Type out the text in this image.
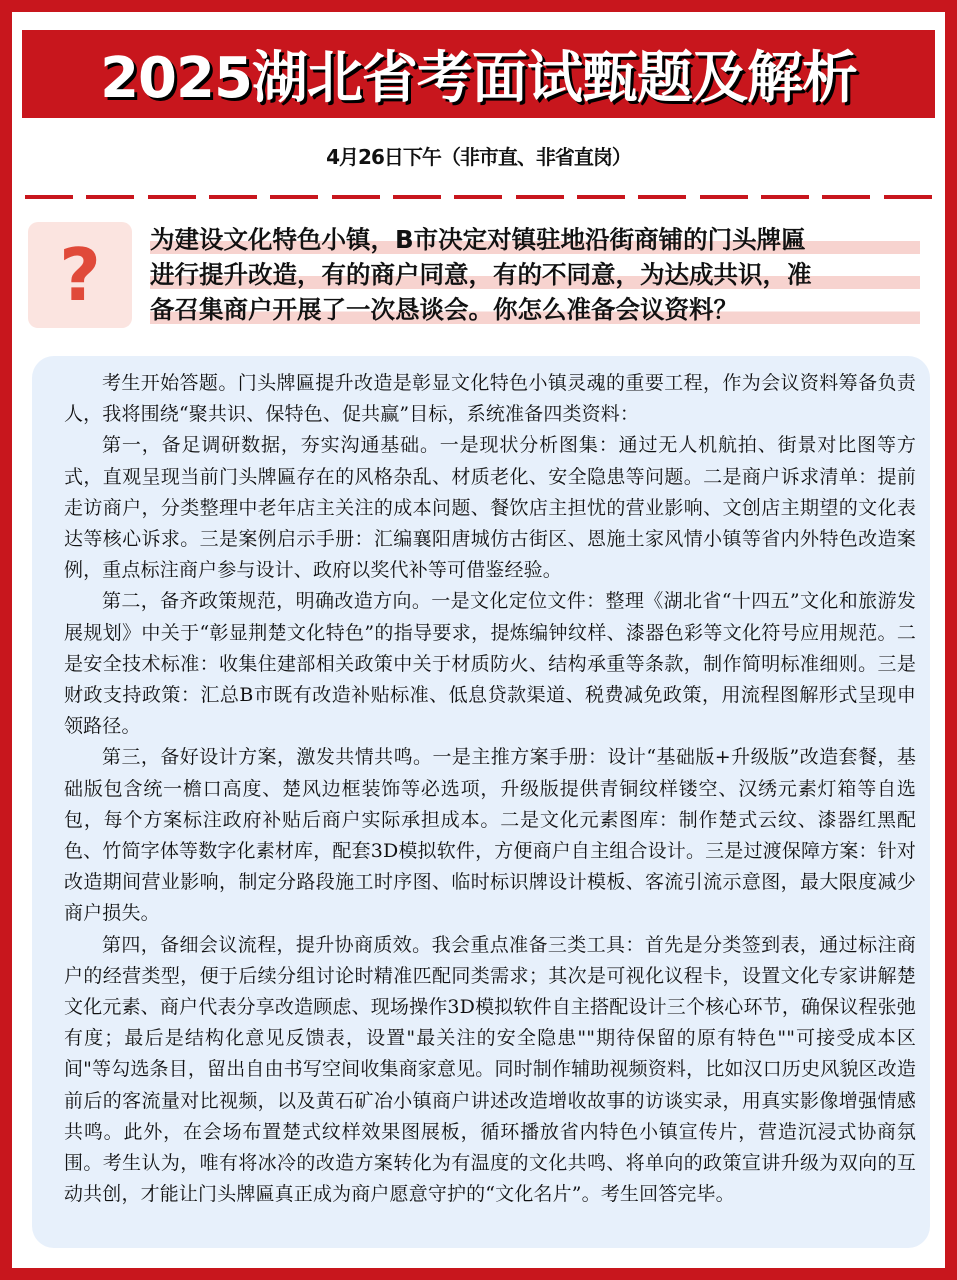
2025湖北省考面试甄题及解析
4月26日下午（非市直、非省直岗）
? 为建设文化特色小镇，B市决定对镇驻地沿街商铺的门头牌匾
进行提升改造，有的商户同意，有的不同意，为达成共识，准
备召集商户开展了一次恳谈会。你怎么准备会议资料？

考生开始答题。门头牌匾提升改造是彰显文化特色小镇灵魂的重要工程，作为会议资料筹备负责人，我将围绕“聚共识、保特色、促共赢”目标，系统准备四类资料：

第一，备足调研数据，夯实沟通基础。一是现状分析图集：通过无人机航拍、街景对比图等方式，直观呈现当前门头牌匾存在的风格杂乱、材质老化、安全隐患等问题。二是商户诉求清单：提前走访商户，分类整理中老年店主关注的成本问题、餐饮店主担忧的营业影响、文创店主期望的文化表达等核心诉求。三是案例启示手册：汇编襄阳唐城仿古街区、恩施土家风情小镇等省内外特色改造案例，重点标注商户参与设计、政府以奖代补等可借鉴经验。

第二，备齐政策规范，明确改造方向。一是文化定位文件：整理《湖北省“十四五”文化和旅游发展规划》中关于“彰显荆楚文化特色”的指导要求，提炼编钟纹样、漆器色彩等文化符号应用规范。二是安全技术标准：收集住建部相关政策中关于材质防火、结构承重等条款，制作简明标准细则。三是财政支持政策：汇总B市既有改造补贴标准、低息贷款渠道、税费减免政策，用流程图解形式呈现申领路径。

第三，备好设计方案，激发共情共鸣。一是主推方案手册：设计“基础版+升级版”改造套餐，基础版包含统一檐口高度、楚风边框装饰等必选项，升级版提供青铜纹样镂空、汉绣元素灯箱等自选包，每个方案标注政府补贴后商户实际承担成本。二是文化元素图库：制作楚式云纹、漆器红黑配色、竹简字体等数字化素材库，配套3D模拟软件，方便商户自主组合设计。三是过渡保障方案：针对改造期间营业影响，制定分路段施工时序图、临时标识牌设计模板、客流引流示意图，最大限度减少商户损失。

第四，备细会议流程，提升协商质效。我会重点准备三类工具：首先是分类签到表，通过标注商户的经营类型，便于后续分组讨论时精准匹配同类需求；其次是可视化议程卡，设置文化专家讲解楚文化元素、商户代表分享改造顾虑、现场操作3D模拟软件自主搭配设计三个核心环节，确保议程张弛有度；最后是结构化意见反馈表，设置"最关注的安全隐患""期待保留的原有特色""可接受成本区间"等勾选条目，留出自由书写空间收集商家意见。同时制作辅助视频资料，比如汉口历史风貌区改造前后的客流量对比视频，以及黄石矿冶小镇商户讲述改造增收故事的访谈实录，用真实影像增强情感共鸣。此外，在会场布置楚式纹样效果图展板，循环播放省内特色小镇宣传片，营造沉浸式协商氛围。考生认为，唯有将冰冷的改造方案转化为有温度的文化共鸣、将单向的政策宣讲升级为双向的互动共创，才能让门头牌匾真正成为商户愿意守护的“文化名片”。考生回答完毕。
